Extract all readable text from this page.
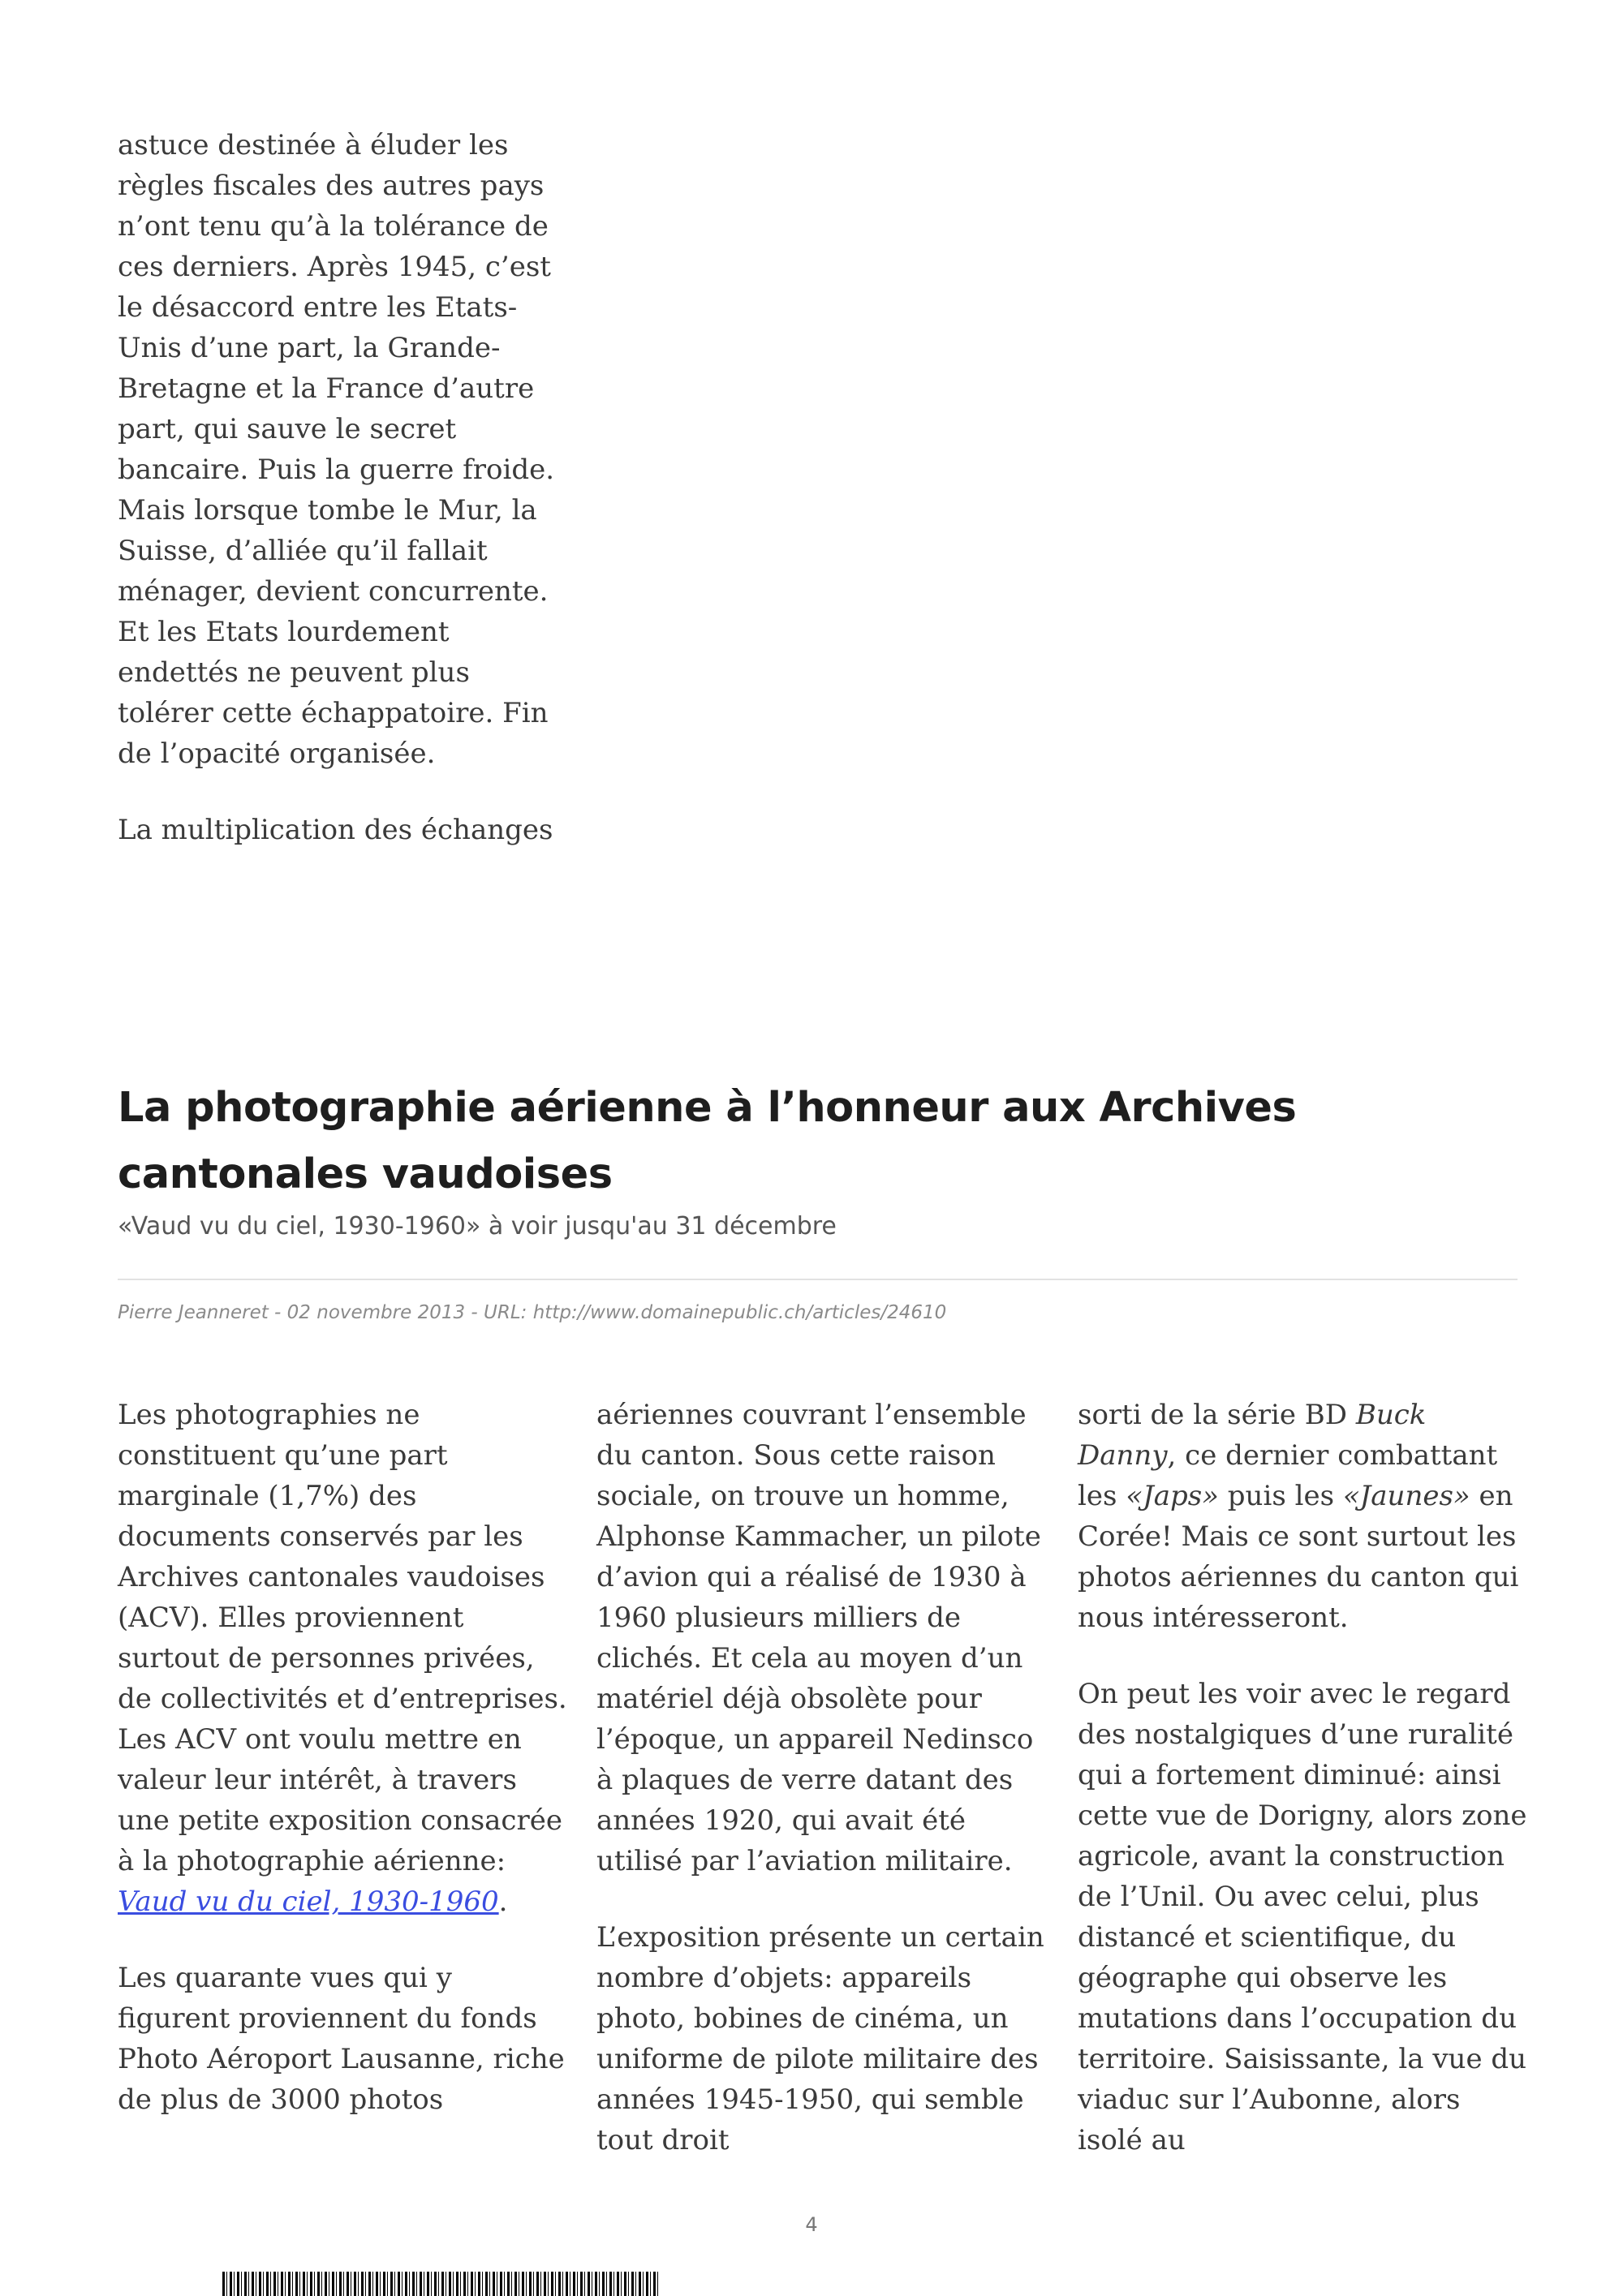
astuce destinée à éluder les règles fiscales des autres pays n’ont tenu qu’à la tolérance de ces derniers. Après 1945, c’est le désaccord entre les Etats-Unis d’une part, la Grande-Bretagne et la France d’autre part, qui sauve le secret bancaire. Puis la guerre froide. Mais lorsque tombe le Mur, la Suisse, d’alliée qu’il fallait ménager, devient concurrente. Et les Etats lourdement endettés ne peuvent plus tolérer cette échappatoire. Fin de l’opacité organisée.

La multiplication des échanges

La photographie aérienne à l’honneur aux Archives cantonales vaudoises

«Vaud vu du ciel, 1930-1960» à voir jusqu'au 31 décembre

Pierre Jeanneret - 02 novembre 2013 - URL: http://www.domainepublic.ch/articles/24610

Les photographies ne constituent qu’une part marginale (1,7%) des documents conservés par les Archives cantonales vaudoises (ACV). Elles proviennent surtout de personnes privées, de collectivités et d’entreprises. Les ACV ont voulu mettre en valeur leur intérêt, à travers une petite exposition consacrée à la photographie aérienne: Vaud vu du ciel, 1930-1960.

Les quarante vues qui y figurent proviennent du fonds Photo Aéroport Lausanne, riche de plus de 3000 photos

aériennes couvrant l’ensemble du canton. Sous cette raison sociale, on trouve un homme, Alphonse Kammacher, un pilote d’avion qui a réalisé de 1930 à 1960 plusieurs milliers de clichés. Et cela au moyen d’un matériel déjà obsolète pour l’époque, un appareil Nedinsco à plaques de verre datant des années 1920, qui avait été utilisé par l’aviation militaire.

L’exposition présente un certain nombre d’objets: appareils photo, bobines de cinéma, un uniforme de pilote militaire des années 1945-1950, qui semble tout droit

sorti de la série BD Buck Danny, ce dernier combattant les «Japs» puis les «Jaunes» en Corée! Mais ce sont surtout les photos aériennes du canton qui nous intéresseront.

On peut les voir avec le regard des nostalgiques d’une ruralité qui a fortement diminué: ainsi cette vue de Dorigny, alors zone agricole, avant la construction de l’Unil. Ou avec celui, plus distancé et scientifique, du géographe qui observe les mutations dans l’occupation du territoire. Saisissante, la vue du viaduc sur l’Aubonne, alors isolé au

4
